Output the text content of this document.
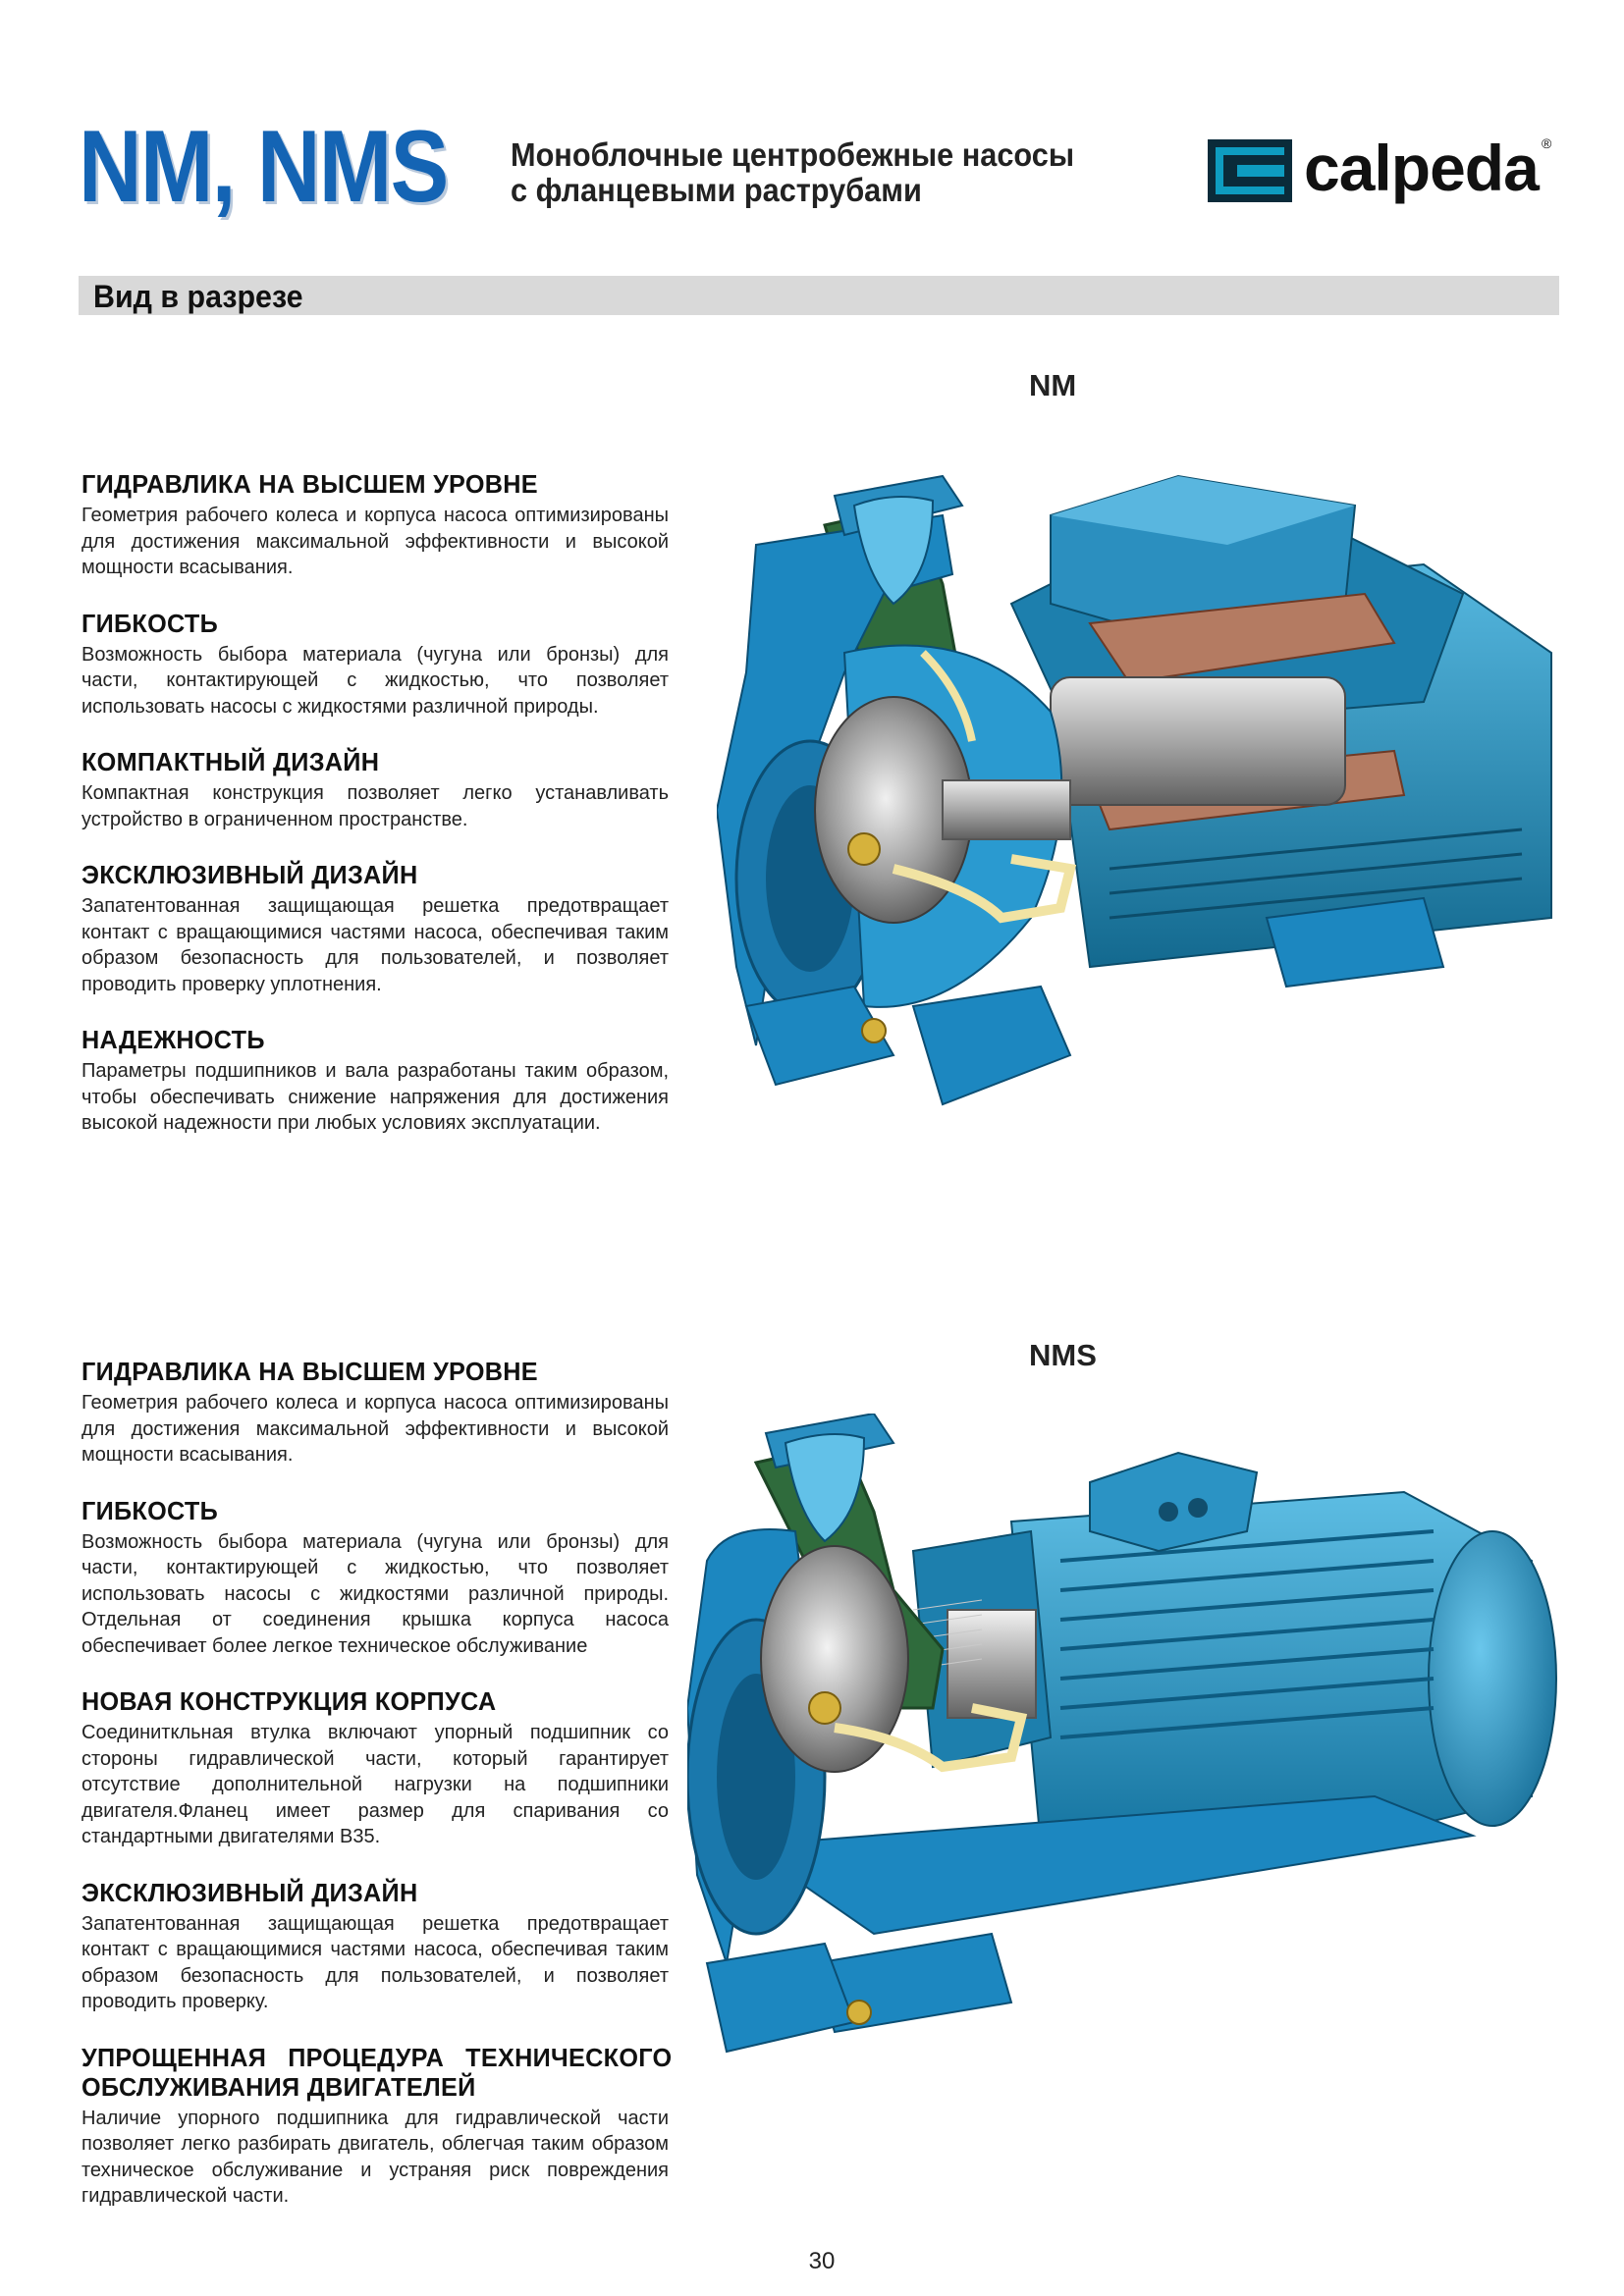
NM, NMS Моноблочные центробежные насосы
с фланцевыми раструбами	calpeda ®
Вид в разрезе
NM
ГИДРАВЛИКА НА ВЫСШЕМ УРОВНЕ

Геометрия рабочего колеса и корпуса насоса оптимизированы для достижения максимальной эффективности и высокой мощности всасывания.

ГИБКОСТЬ

Возможность быбора материала (чугуна или бронзы) для части, контактирующей с жидкостью, что позволяет использовать насосы с жидкостями различной природы.

КОМПАКТНЫЙ ДИЗАЙН

Компактная конструкция позволяет легко устанавливать устройство в ограниченном пространстве.

ЭКСКЛЮЗИВНЫЙ ДИЗАЙН

Запатентованная защищающая решетка предотвращает контакт с вращающимися частями насоса, обеспечивая таким образом безопасность для пользователей, и позволяет проводить проверку уплотнения.

НАДЕЖНОСТЬ

Параметры подшипников и вала разработаны таким образом, чтобы обеспечивать снижение напряжения для достижения высокой надежности при любых условиях эксплуатации.

NMS
ГИДРАВЛИКА НА ВЫСШЕМ УРОВНЕ

Геометрия рабочего колеса и корпуса насоса оптимизированы для достижения максимальной эффективности и высокой мощности всасывания.

ГИБКОСТЬ

Возможность быбора материала (чугуна или бронзы) для части, контактирующей с жидкостью, что позволяет использовать насосы с жидкостями различной природы. Отдельная от соединения крышка корпуса насоса обеспечивает более легкое техническое обслуживание

НОВАЯ КОНСТРУКЦИЯ КОРПУСА

Соединиткльная втулка включают упорный подшипник со стороны гидравлической части, который гарантирует отсутствие дополнительной нагрузки на подшипники двигателя.Фланец имеет размер для спаривания со стандартными двигателями B35.

ЭКСКЛЮЗИВНЫЙ ДИЗАЙН

Запатентованная защищающая решетка предотвращает контакт с вращающимися частями насоса, обеспечивая таким образом безопасность для пользователей, и позволяет проводить проверку.

УПРОЩЕННАЯ ПРОЦЕДУРА ТЕХНИЧЕСКОГО ОБСЛУЖИВАНИЯ ДВИГАТЕЛЕЙ

Наличие упорного подшипника для гидравлической части позволяет легко разбирать двигатель, облегчая таким образом техническое обслуживание и устраняя риск повреждения гидравлической части.

30
